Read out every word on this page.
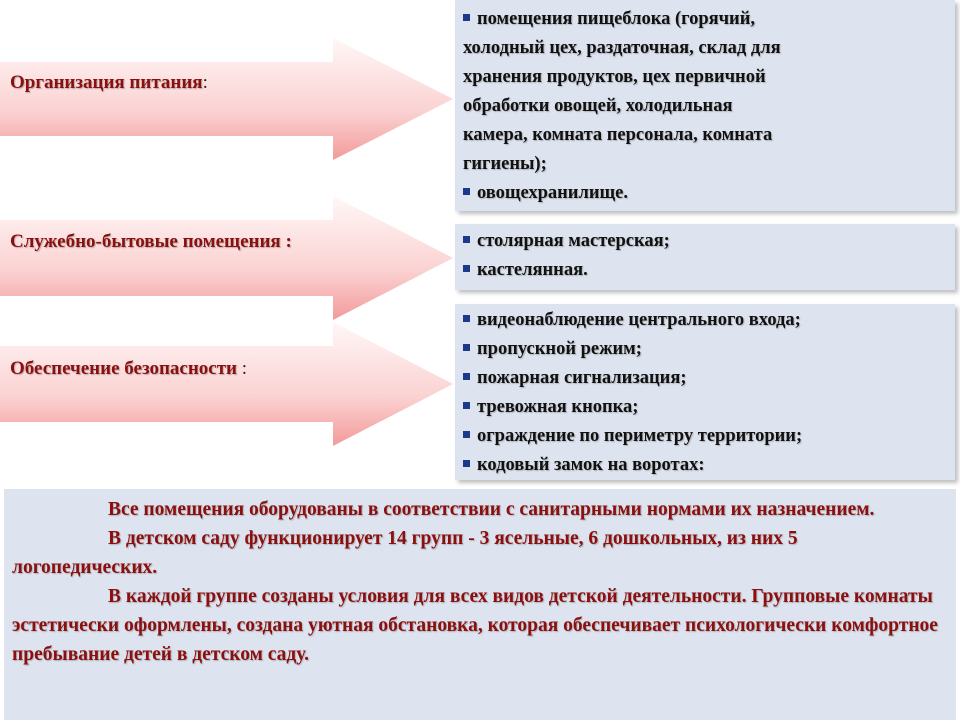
Организация питания:
Служебно-бытовые помещения :
Обеспечение безопасности :
помещения пищеблока (горячий,
холодный цех, раздаточная, склад для
хранения продуктов, цех первичной
обработки овощей, холодильная
камера, комната персонала, комната
гигиены);
овощехранилище.
столярная мастерская;
кастелянная.
видеонаблюдение центрального входа;
пропускной режим;
пожарная сигнализация;
тревожная кнопка;
ограждение по периметру территории;
кодовый замок на воротах:

Все помещения оборудованы в соответствии с санитарными нормами их назначением.

В детском саду функционирует 14 групп - 3 ясельные, 6 дошкольных, из них 5 логопедических.

В каждой группе созданы условия для всех видов детской деятельности. Групповые комнаты эстетически оформлены, создана уютная обстановка, которая обеспечивает психологически комфортное пребывание детей в детском саду.
